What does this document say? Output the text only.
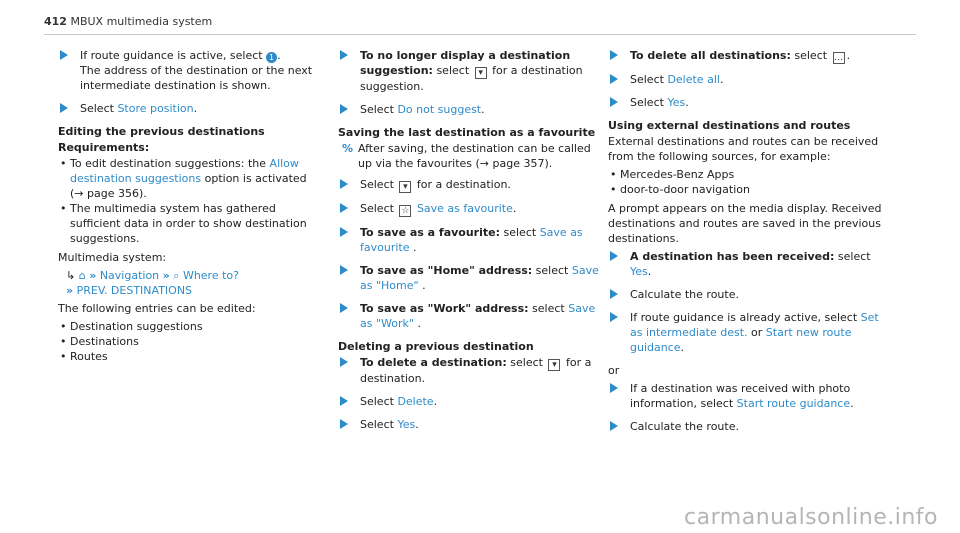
412 MBUX multimedia system
If route guidance is active, select 1 .
The address of the destination or the next intermediate destination is shown.
Select Store position.
Editing the previous destinations
Requirements:
• To edit destination suggestions: the Allow destination suggestions option is activated (→ page 356).
• The multimedia system has gathered sufficient data in order to show destination suggestions.

Multimedia system:

↳ ⌂ » Navigation » ⌕ Where to?
» PREV. DESTINATIONS

The following entries can be edited:

• Destination suggestions
• Destinations
• Routes
To no longer display a destination suggestion: select ▾ for a destination suggestion.
Select Do not suggest.
Saving the last destination as a favourite
% After saving, the destination can be called up via the favourites (→ page 357).
Select ▾ for a destination.
Select ☆ Save as favourite.
To save as a favourite: select Save as favourite .
To save as "Home" address: select Save as "Home" .
To save as "Work" address: select Save as "Work" .
Deleting a previous destination
To delete a destination: select ▾ for a destination.
Select Delete.
Select Yes.
To delete all destinations: select … .
Select Delete all.
Select Yes.
Using external destinations and routes

External destinations and routes can be received from the following sources, for example:

• Mercedes-Benz Apps
• door-to-door navigation

A prompt appears on the media display. Received destinations and routes are saved in the previous destinations.

A destination has been received: select Yes.
Calculate the route.
If route guidance is already active, select Set as intermediate dest. or Start new route guidance.

or

If a destination was received with photo information, select Start route guidance.
Calculate the route.
carmanualsonline.info
